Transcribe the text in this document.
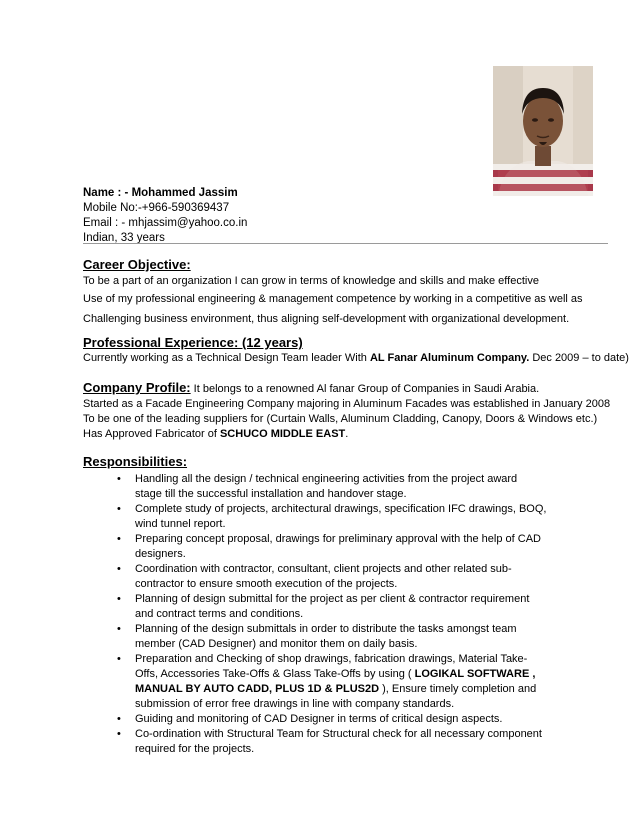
Name : - Mohammed Jassim
Mobile No:-+966-590369437
Email : - mhjassim@yahoo.co.in
Indian, 33 years
Career Objective:
To be a part of an organization I can grow in terms of knowledge and skills and make effective
Use of my professional engineering & management competence by working in a competitive as well as
Challenging business environment, thus aligning self-development with organizational development.
Professional Experience: (12 years)
Currently working as a Technical Design Team leader With AL Fanar Aluminum Company. Dec 2009 – to date)
Company Profile: It belongs to a renowned Al fanar Group of Companies in Saudi Arabia.
Started as a Facade Engineering Company majoring in Aluminum Facades was established in January 2008
To be one of the leading suppliers for (Curtain Walls, Aluminum Cladding, Canopy, Doors & Windows etc.)
Has Approved Fabricator of SCHUCO MIDDLE EAST.
Responsibilities:
• Handling all the design / technical engineering activities from the project award
stage till the successful installation and handover stage.
• Complete study of projects, architectural drawings, specification IFC drawings, BOQ,
wind tunnel report.
• Preparing concept proposal, drawings for preliminary approval with the help of CAD
designers.
• Coordination with contractor, consultant, client projects and other related sub-
contractor to ensure smooth execution of the projects.
• Planning of design submittal for the project as per client & contractor requirement
and contract terms and conditions.
• Planning of the design submittals in order to distribute the tasks amongst team
member (CAD Designer) and monitor them on daily basis.
• Preparation and Checking of shop drawings, fabrication drawings, Material Take-
Offs, Accessories Take-Offs & Glass Take-Offs by using ( LOGIKAL SOFTWARE ,
MANUAL BY AUTO CADD, PLUS 1D & PLUS2D ), Ensure timely completion and
submission of error free drawings in line with company standards.
• Guiding and monitoring of CAD Designer in terms of critical design aspects.
• Co-ordination with Structural Team for Structural check for all necessary component
required for the projects.
